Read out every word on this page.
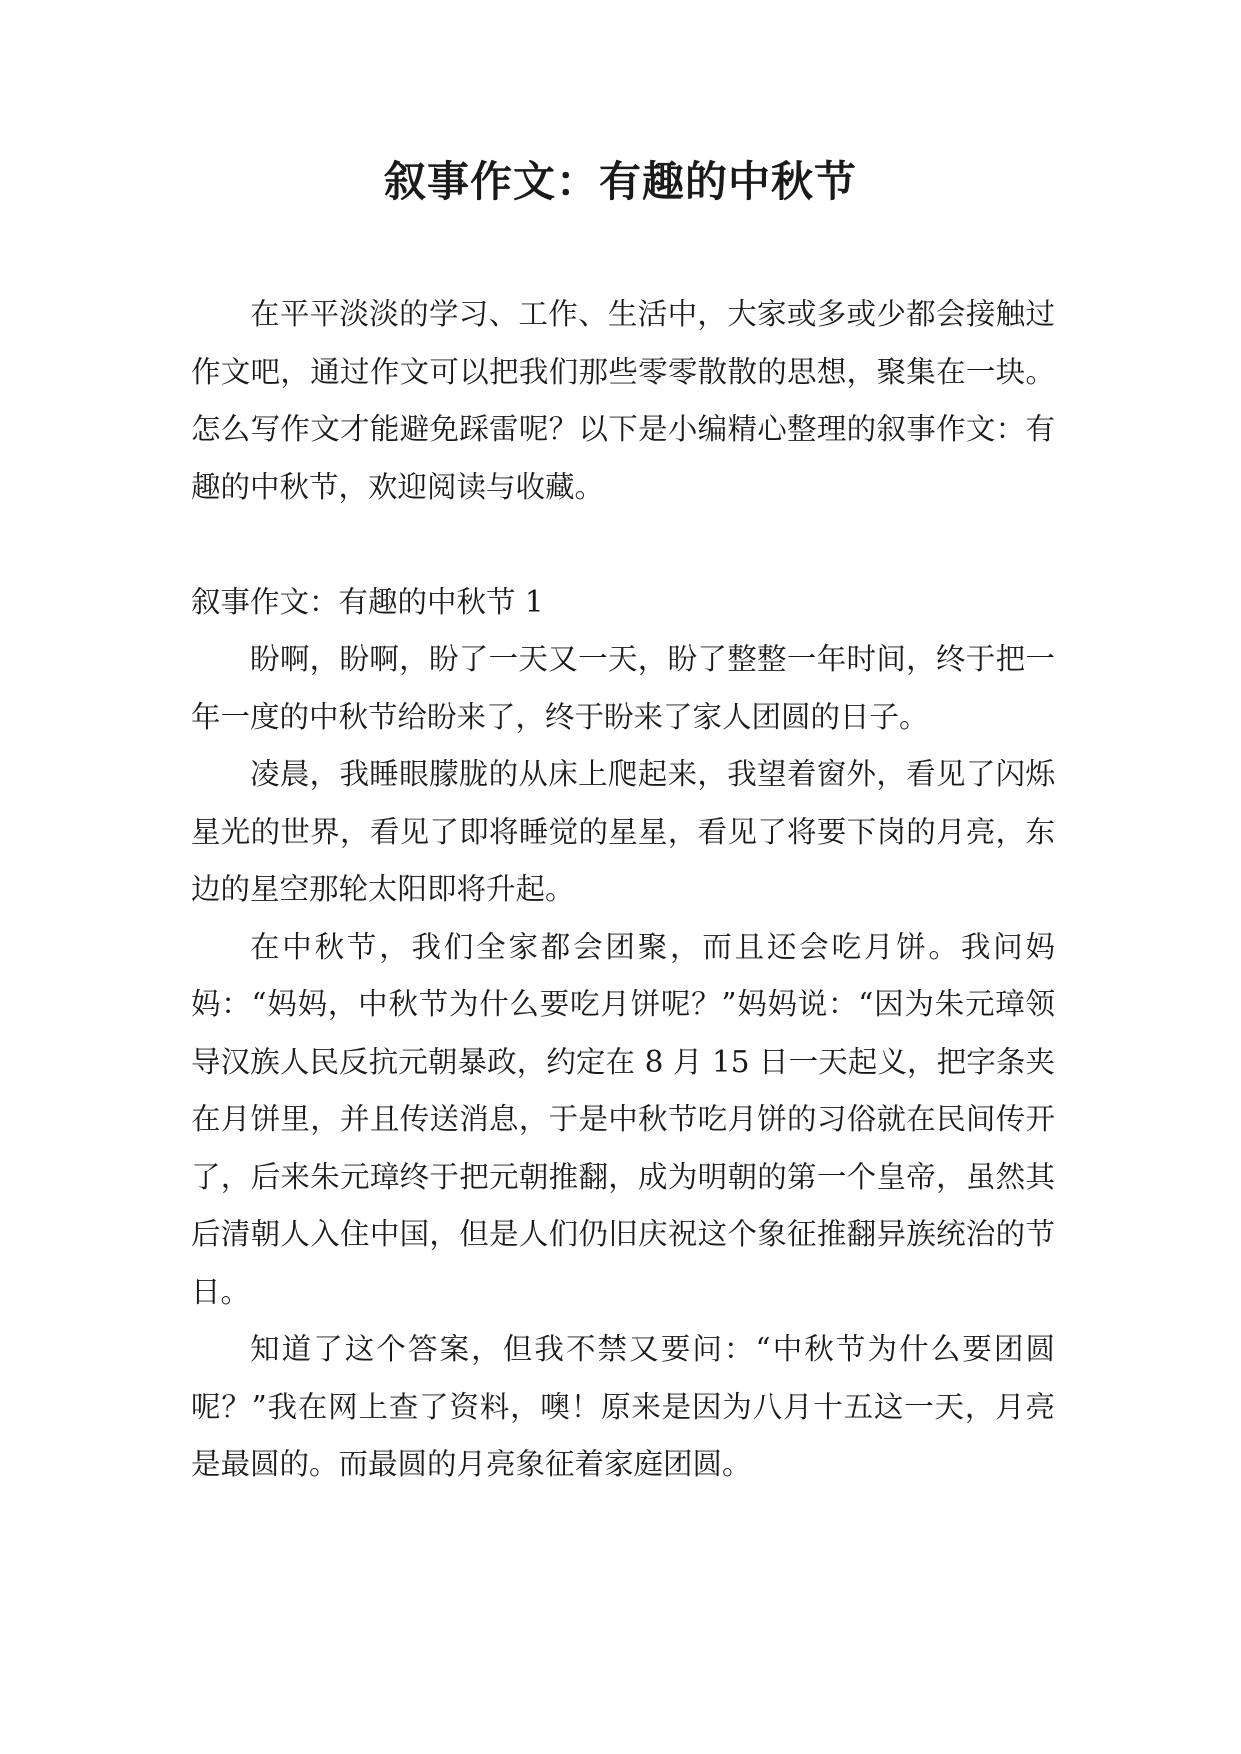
叙事作文：有趣的中秋节

在平平淡淡的学习、工作、生活中，大家或多或少都会接触过作文吧，通过作文可以把我们那些零零散散的思想，聚集在一块。怎么写作文才能避免踩雷呢？以下是小编精心整理的叙事作文：有趣的中秋节，欢迎阅读与收藏。

叙事作文：有趣的中秋节 1

盼啊，盼啊，盼了一天又一天，盼了整整一年时间，终于把一年一度的中秋节给盼来了，终于盼来了家人团圆的日子。

凌晨，我睡眼朦胧的从床上爬起来，我望着窗外，看见了闪烁星光的世界，看见了即将睡觉的星星，看见了将要下岗的月亮，东边的星空那轮太阳即将升起。

在中秋节，我们全家都会团聚，而且还会吃月饼。我问妈妈：“妈妈，中秋节为什么要吃月饼呢？”妈妈说：“因为朱元璋领导汉族人民反抗元朝暴政，约定在 8 月 15 日一天起义，把字条夹在月饼里，并且传送消息，于是中秋节吃月饼的习俗就在民间传开了，后来朱元璋终于把元朝推翻，成为明朝的第一个皇帝，虽然其后清朝人入住中国，但是人们仍旧庆祝这个象征推翻异族统治的节日。

知道了这个答案，但我不禁又要问：“中秋节为什么要团圆呢？”我在网上查了资料，噢！原来是因为八月十五这一天，月亮是最圆的。而最圆的月亮象征着家庭团圆。
